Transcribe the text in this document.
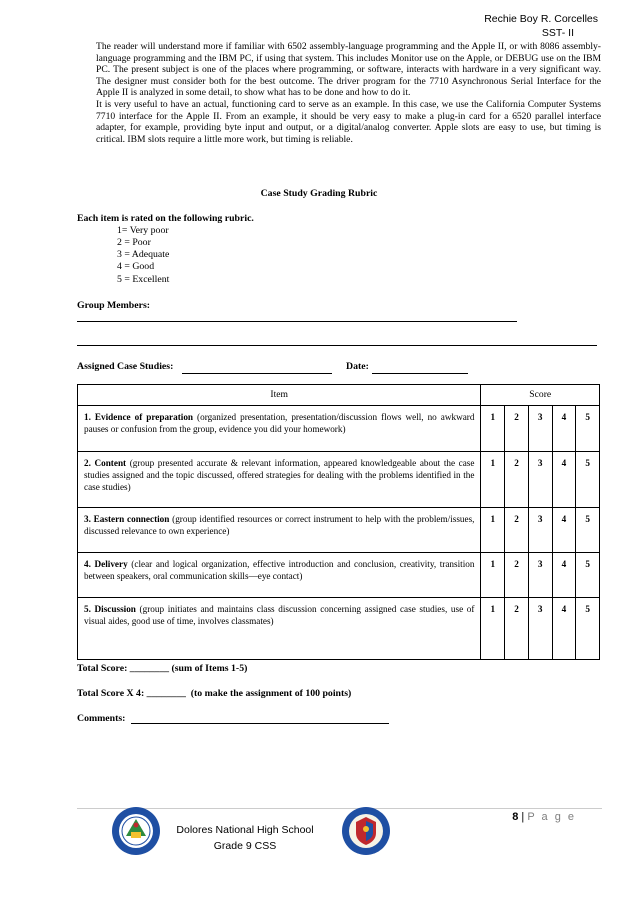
Rechie Boy R. Corcelles
SST- II

The reader will understand more if familiar with 6502 assembly-language programming and the Apple II, or with 8086 assembly-language programming and the IBM PC, if using that system. This includes Monitor use on the Apple, or DEBUG use on the IBM PC. The present subject is one of the places where programming, or software, interacts with hardware in a very significant way. The designer must consider both for the best outcome. The driver program for the 7710 Asynchronous Serial Interface for the Apple II is analyzed in some detail, to show what has to be done and how to do it.

It is very useful to have an actual, functioning card to serve as an example. In this case, we use the California Computer Systems 7710 interface for the Apple II. From an example, it should be very easy to make a plug-in card for a 6520 parallel interface adapter, for example, providing byte input and output, or a digital/analog converter. Apple slots are easy to use, but timing is critical. IBM slots require a little more work, but timing is reliable.

Case Study Grading Rubric
Each item is rated on the following rubric.
1= Very poor
2 = Poor
3 = Adequate
4 = Good
5 = Excellent
Group Members:
Assigned Case Studies:	Date:
Item	Score				
1. Evidence of preparation (organized presentation, presentation/discussion flows well, no awkward pauses or confusion from the group, evidence you did your homework)	1	2	3	4	5
2. Content (group presented accurate & relevant information, appeared knowledgeable about the case studies assigned and the topic discussed, offered strategies for dealing with the problems identified in the case studies)	1	2	3	4	5
3. Eastern connection (group identified resources or correct instrument to help with the problem/issues, discussed relevance to own experience)	1	2	3	4	5
4. Delivery (clear and logical organization, effective introduction and conclusion, creativity, transition between speakers, oral communication skills—eye contact)	1	2	3	4	5
5. Discussion (group initiates and maintains class discussion concerning assigned case studies, use of visual aides, good use of time, involves classmates)	1	2	3	4	5
Total Score: ________ (sum of Items 1-5)
Total Score X 4: ________ (to make the assignment of 100 points)
Comments:
8 | P a g e
Dolores National High School
Grade 9 CSS
